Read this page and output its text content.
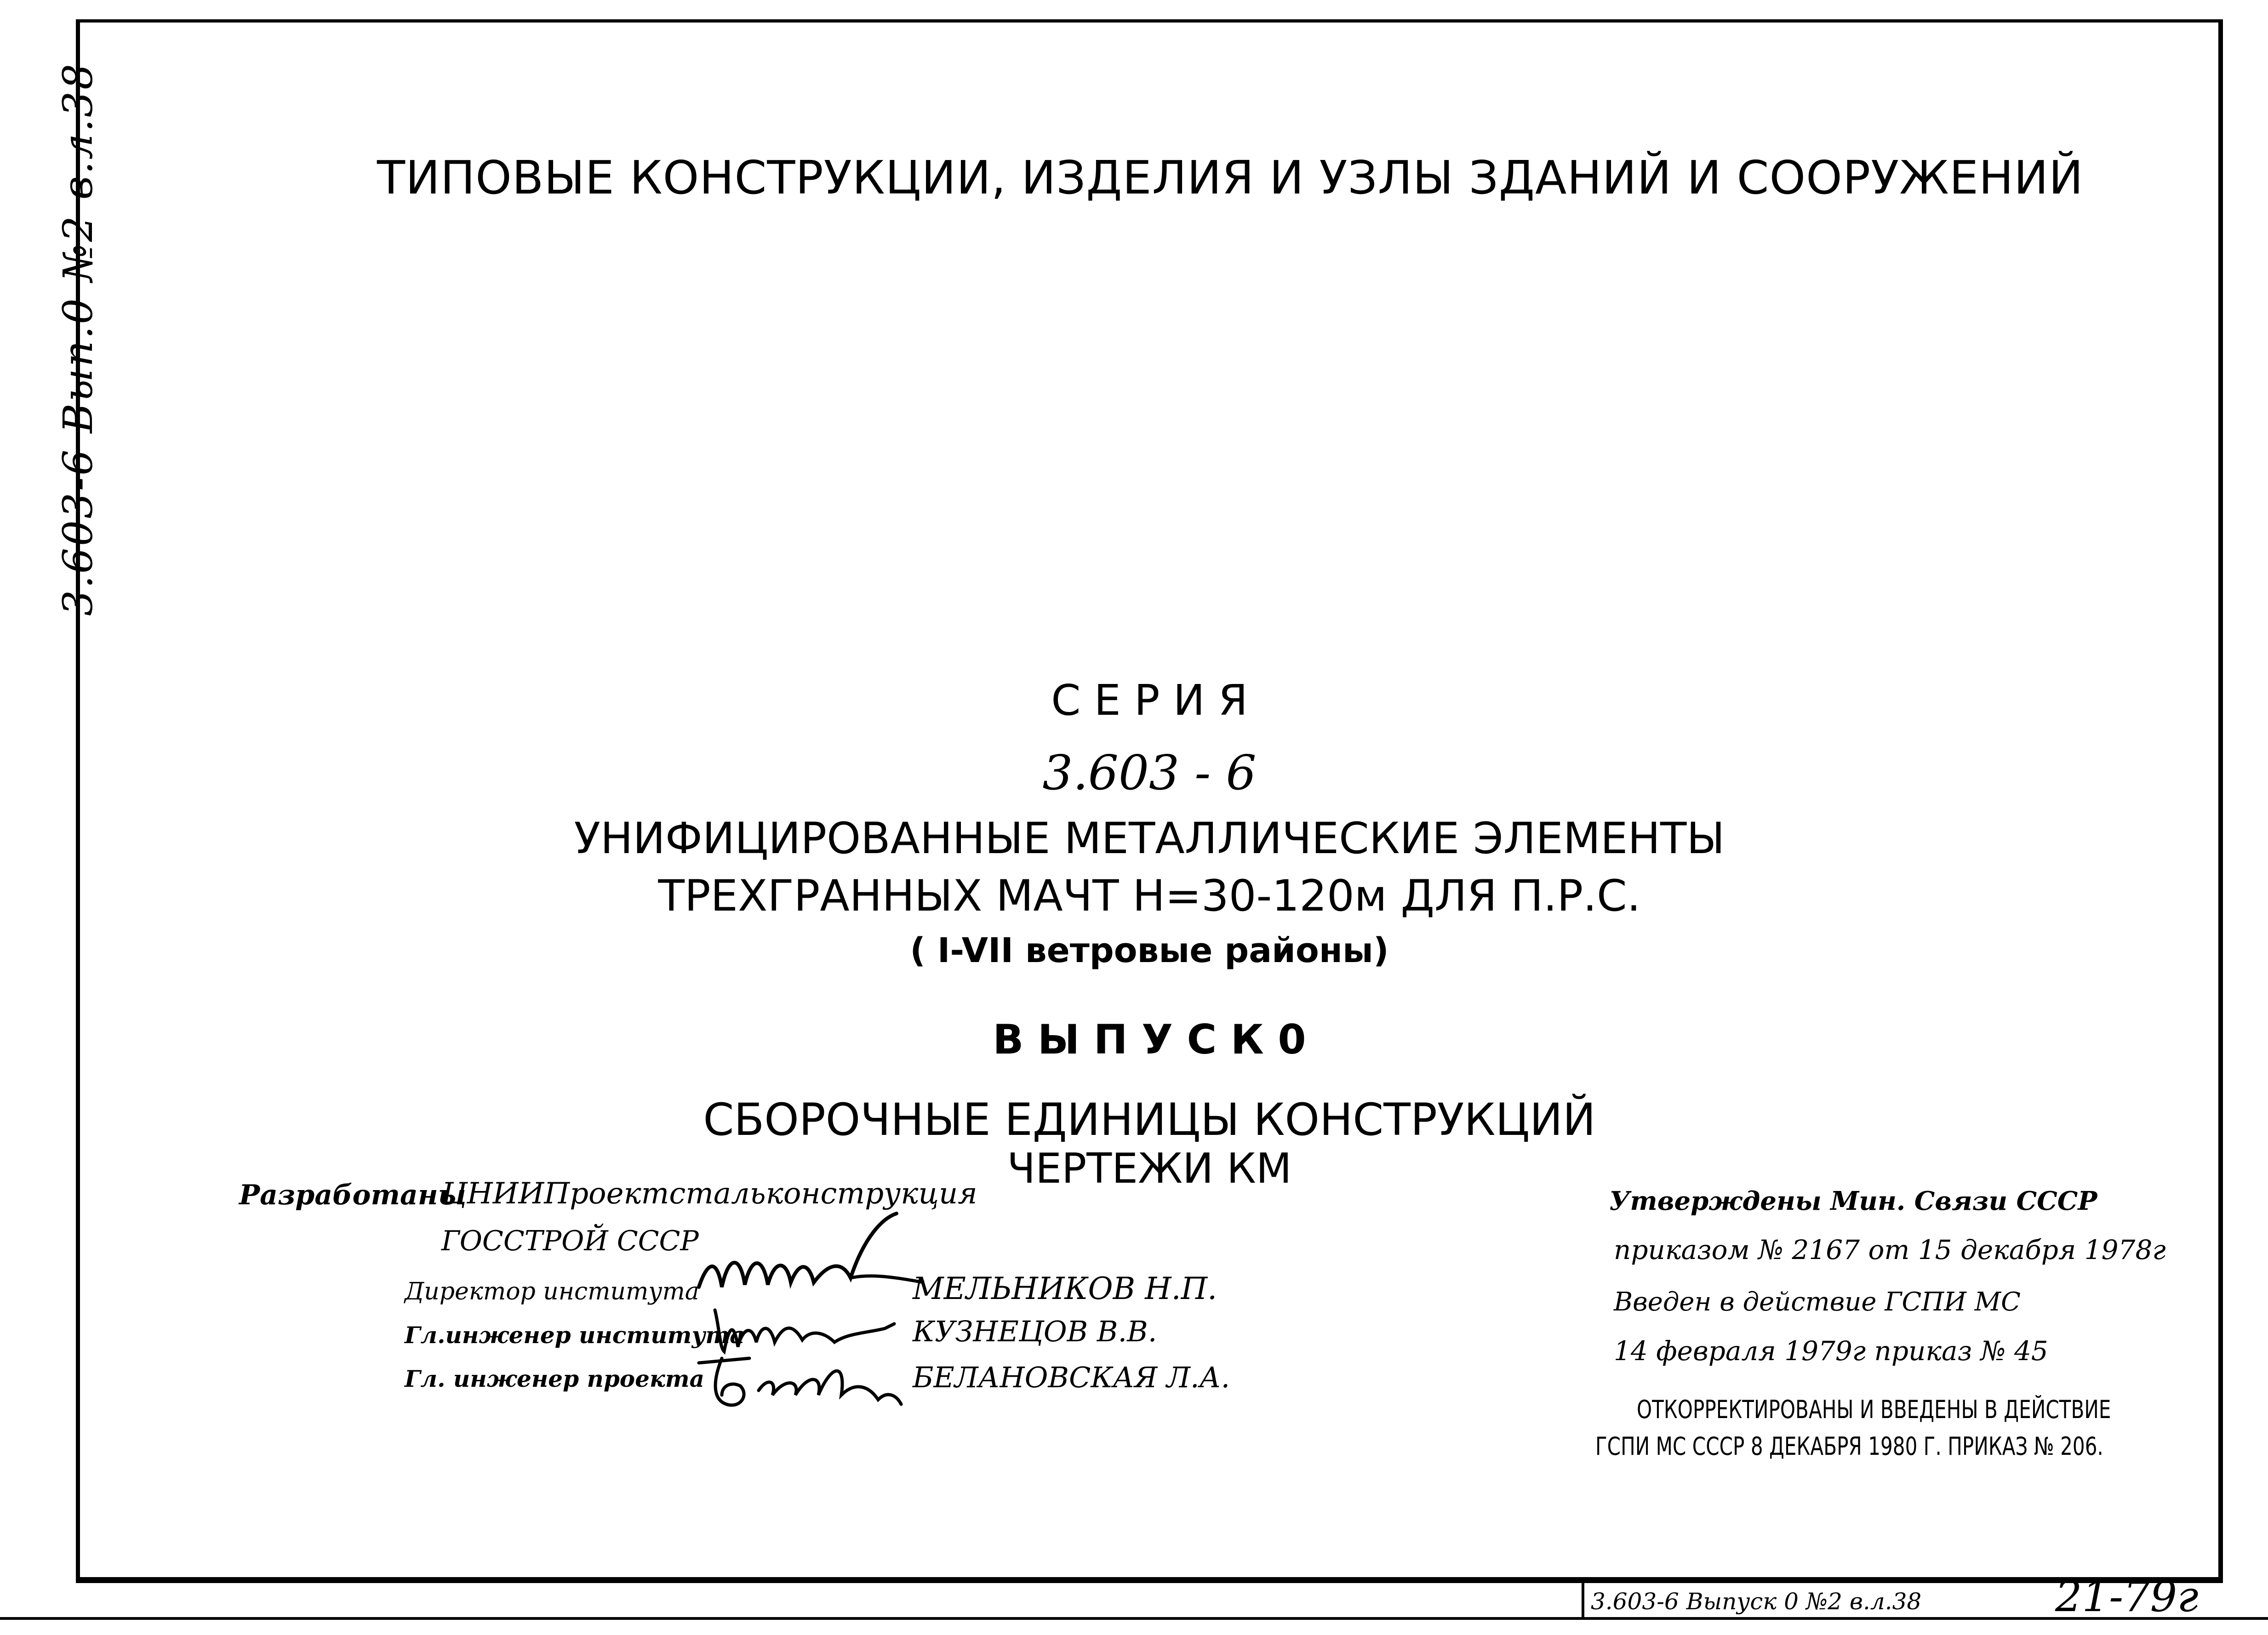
3.603-6 Вып.0 №2 в.л.38	ТИПОВЫЕ КОНСТРУКЦИИ, ИЗДЕЛИЯ И УЗЛЫ ЗДАНИЙ И СООРУЖЕНИЙ
С Е Р И Я
3.603 - 6
УНИФИЦИРОВАННЫЕ МЕТАЛЛИЧЕСКИЕ ЭЛЕМЕНТЫ
ТРЕХГРАННЫХ МАЧТ Н=30-120м ДЛЯ П.Р.С.
( I-VII ветровые районы)
В Ы П У С К 0
СБОРОЧНЫЕ ЕДИНИЦЫ КОНСТРУКЦИЙ
ЧЕРТЕЖИ КМ
Разработаны
ЦНИИПроектстальконструкция
ГОССТРОЙ СССР
Директор института	МЕЛЬНИКОВ Н.П.
Гл.инженер института	КУЗНЕЦОВ В.В.
Гл. инженер проекта	БЕЛАНОВСКАЯ Л.А.
Утверждены Мин. Связи СССР
приказом № 2167 от 15 декабря 1978г
Введен в действие ГСПИ МС
14 февраля 1979г приказ № 45
ОТКОРРЕКТИРОВАНЫ И ВВЕДЕНЫ В ДЕЙСТВИЕ
ГСПИ МС СССР 8 ДЕКАБРЯ 1980 Г. ПРИКАЗ № 206.
3.603-6 Выпуск 0 №2 в.л.38	21-79г
